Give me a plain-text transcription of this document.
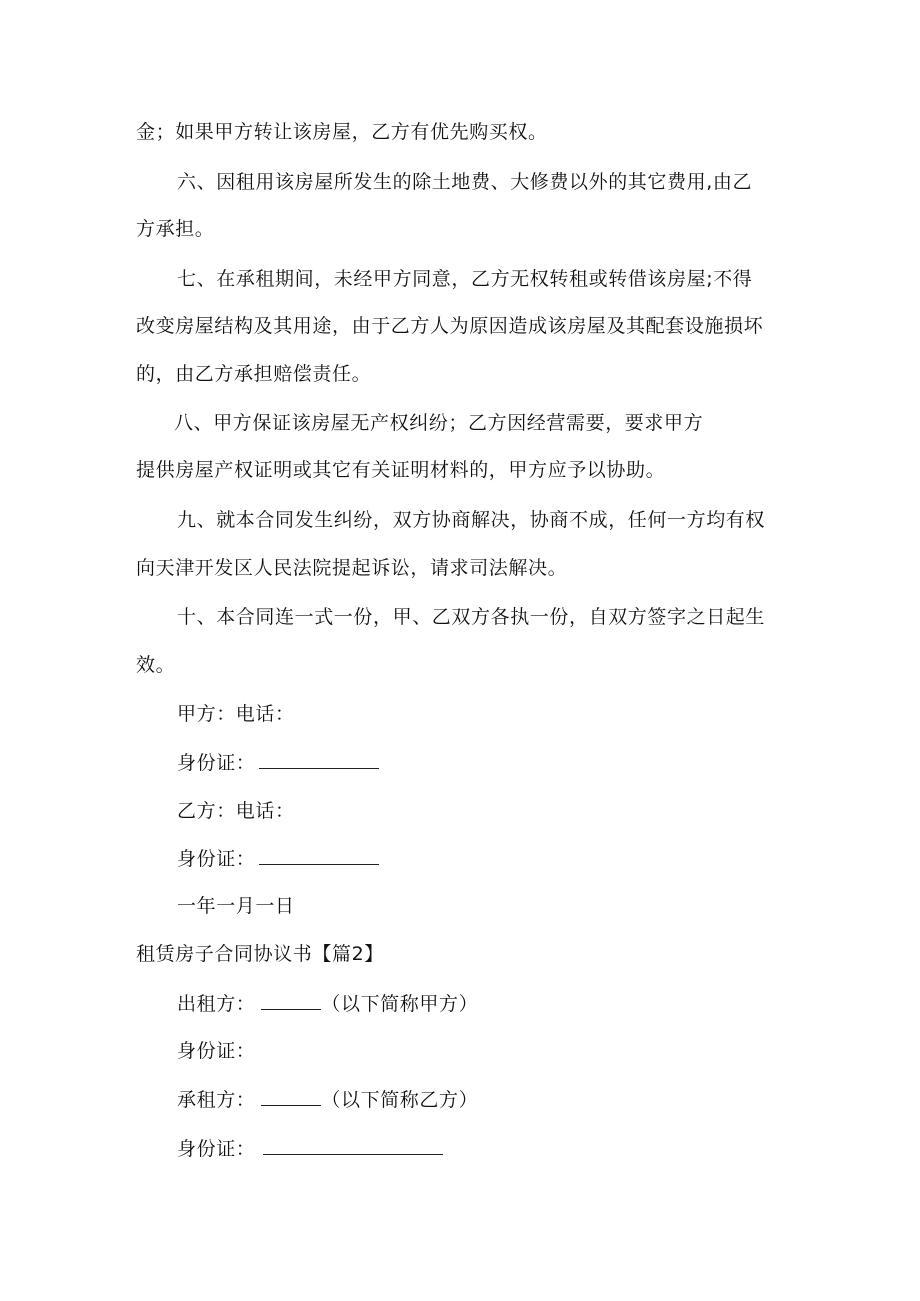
金；如果甲方转让该房屋，乙方有优先购买权。
六、因租用该房屋所发生的除土地费、大修费以外的其它费用,由乙
方承担。
七、在承租期间，未经甲方同意，乙方无权转租或转借该房屋;不得
改变房屋结构及其用途，由于乙方人为原因造成该房屋及其配套设施损坏
的，由乙方承担赔偿责任。
八、甲方保证该房屋无产权纠纷；乙方因经营需要，要求甲方
提供房屋产权证明或其它有关证明材料的，甲方应予以协助。
九、就本合同发生纠纷，双方协商解决，协商不成，任何一方均有权
向天津开发区人民法院提起诉讼，请求司法解决。
十、本合同连一式一份，甲、乙双方各执一份，自双方签字之日起生
效。
甲方：电话：
身份证：
乙方：电话：
身份证：
一年一月一日
租赁房子合同协议书【篇2】
出租方：	（以下简称甲方）
身份证：
承租方：	（以下简称乙方）
身份证：
